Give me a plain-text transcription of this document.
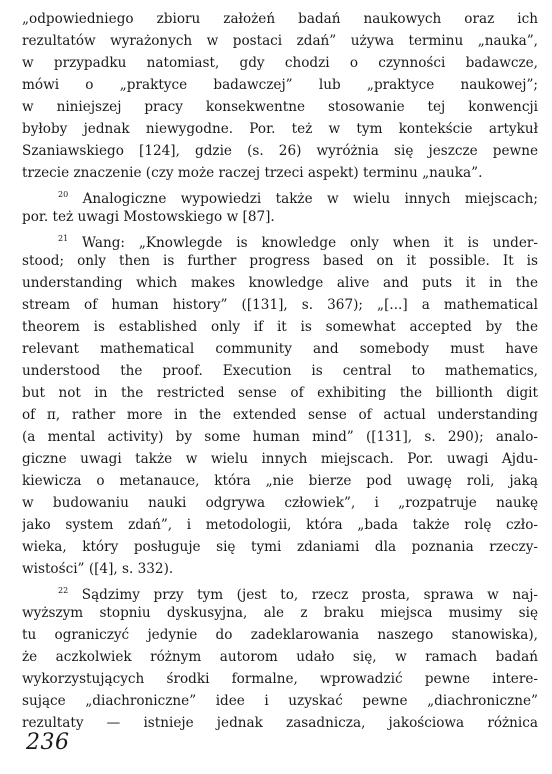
„odpowiedniego zbioru założeń badań naukowych oraz ich
rezultatów wyrażonych w postaci zdań” używa terminu „nauka”,
w przypadku natomiast, gdy chodzi o czynności badawcze,
mówi o „praktyce badawczej” lub „praktyce naukowej”;
w niniejszej pracy konsekwentne stosowanie tej konwencji
byłoby jednak niewygodne. Por. też w tym kontekście artykuł
Szaniawskiego [124], gdzie (s. 26) wyróżnia się jeszcze pewne
trzecie znaczenie (czy może raczej trzeci aspekt) terminu „nauka”.
$^{20}$ Analogiczne wypowiedzi także w wielu innych miejscach;
por. też uwagi Mostowskiego w [87].
$^{21}$ Wang: „Knowlegde is knowledge only when it is under-
stood; only then is further progress based on it possible. It is
understanding which makes knowledge alive and puts it in the
stream of human history” ([131], s. 367); „[...] a mathematical
theorem is established only if it is somewhat accepted by the
relevant mathematical community and somebody must have
understood the proof. Execution is central to mathematics,
but not in the restricted sense of exhibiting the billionth digit
of π, rather more in the extended sense of actual understanding
(a mental activity) by some human mind” ([131], s. 290); analo-
giczne uwagi także w wielu innych miejscach. Por. uwagi Ajdu-
kiewicza o metanauce, która „nie bierze pod uwagę roli, jaką
w budowaniu nauki odgrywa człowiek”, i „rozpatruje naukę
jako system zdań”, i metodologii, która „bada także rolę czło-
wieka, który posługuje się tymi zdaniami dla poznania rzeczy-
wistości” ([4], s. 332).
$^{22}$ Sądzimy przy tym (jest to, rzecz prosta, sprawa w naj-
wyższym stopniu dyskusyjna, ale z braku miejsca musimy się
tu ograniczyć jedynie do zadeklarowania naszego stanowiska),
że aczkolwiek różnym autorom udało się, w ramach badań
wykorzystujących środki formalne, wprowadzić pewne intere-
sujące „diachroniczne” idee i uzyskać pewne „diachroniczne”
rezultaty — istnieje jednak zasadnicza, jakościowa różnica
236
